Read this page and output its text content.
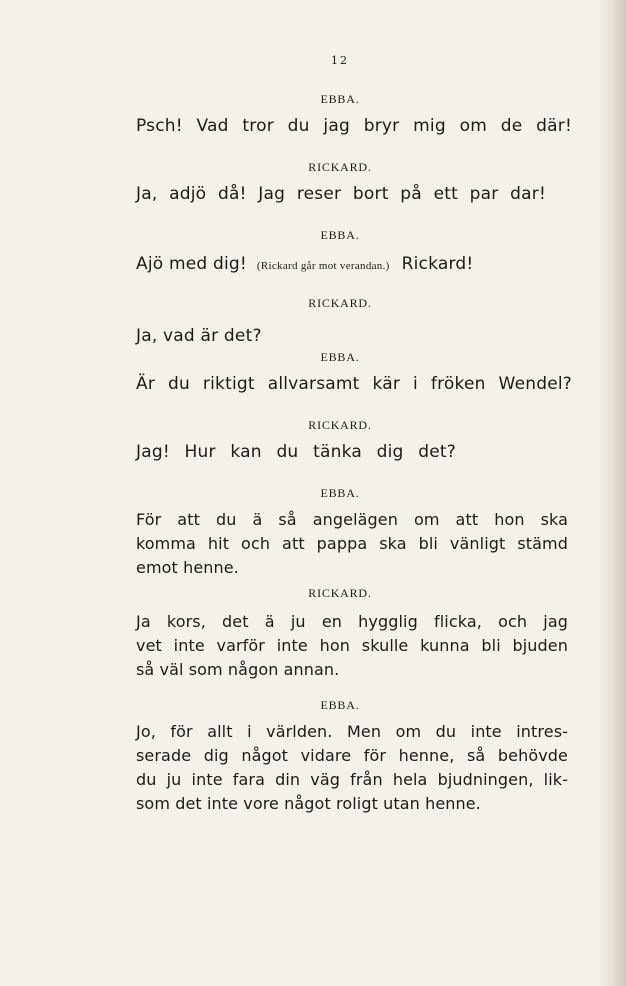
12
EBBA.
Psch! Vad tror du jag bryr mig om de där!
RICKARD.
Ja, adjö då! Jag reser bort på ett par dar!
EBBA.
Ajö med dig! (Rickard går mot verandan.) Rickard!
RICKARD.
Ja, vad är det?
EBBA.
Är du riktigt allvarsamt kär i fröken Wendel?
RICKARD.
Jag! Hur kan du tänka dig det?
EBBA.
För att du ä så angelägen om att hon ska
komma hit och att pappa ska bli vänligt stämd
emot henne.
RICKARD.
Ja kors, det ä ju en hygglig flicka, och jag
vet inte varför inte hon skulle kunna bli bjuden
så väl som någon annan.
EBBA.
Jo, för allt i världen. Men om du inte intres-
serade dig något vidare för henne, så behövde
du ju inte fara din väg från hela bjudningen, lik-
som det inte vore något roligt utan henne.
